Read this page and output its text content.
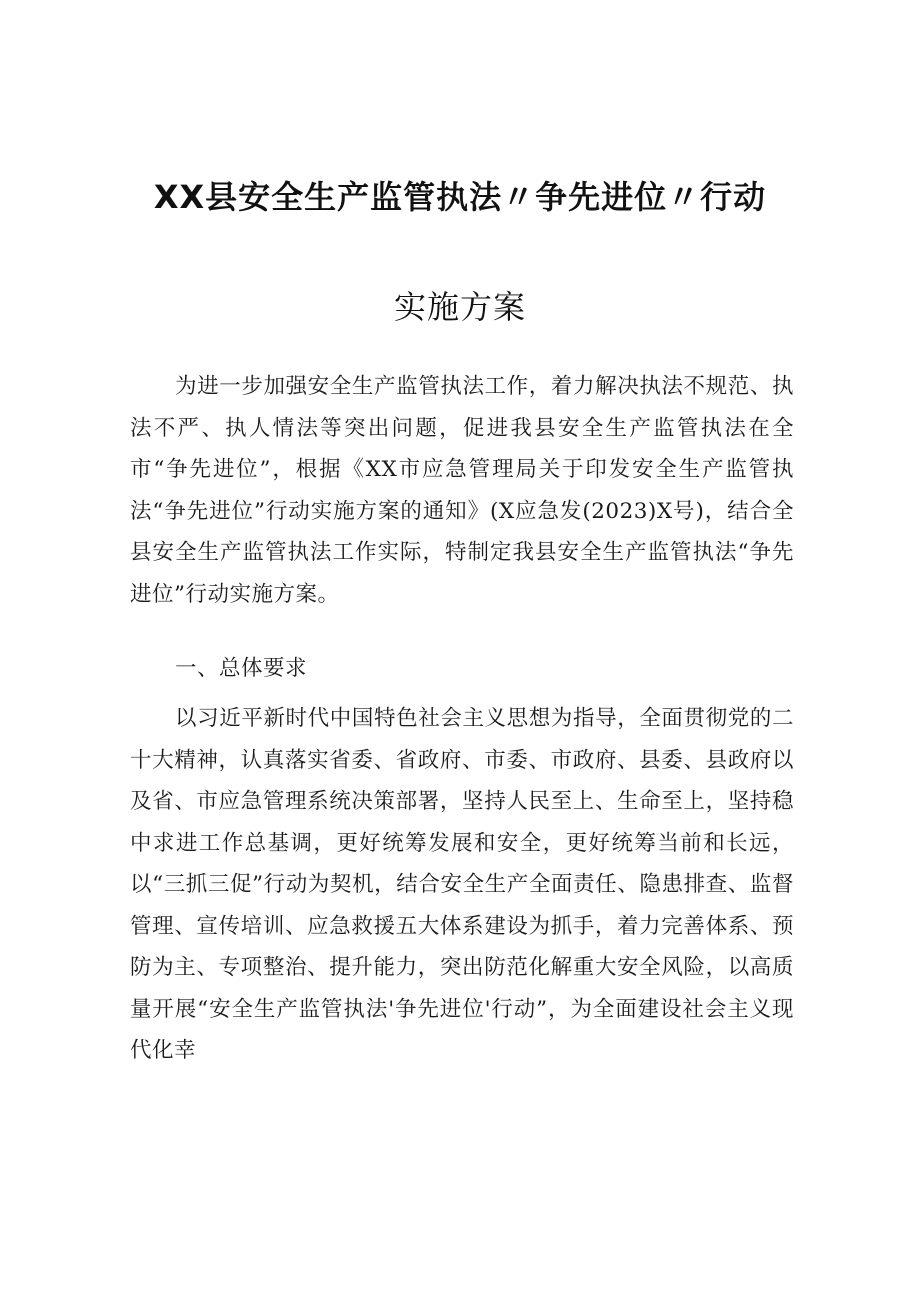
XX县安全生产监管执法〃争先进位〃行动
实施方案
为进一步加强安全生产监管执法工作，着力解决执法不规范、执法不严、执人情法等突出问题，促进我县安全生产监管执法在全市“争先进位”，根据《XX市应急管理局关于印发安全生产监管执法“争先进位”行动实施方案的通知》(X应急发(2023)X号)，结合全县安全生产监管执法工作实际，特制定我县安全生产监管执法“争先进位”行动实施方案。
一、总体要求
以习近平新时代中国特色社会主义思想为指导，全面贯彻党的二十大精神，认真落实省委、省政府、市委、市政府、县委、县政府以及省、市应急管理系统决策部署，坚持人民至上、生命至上，坚持稳中求进工作总基调，更好统筹发展和安全，更好统筹当前和长远，以“三抓三促”行动为契机，结合安全生产全面责任、隐患排查、监督管理、宣传培训、应急救援五大体系建设为抓手，着力完善体系、预防为主、专项整治、提升能力，突出防范化解重大安全风险，以高质量开展“安全生产监管执法'争先进位'行动”，为全面建设社会主义现代化幸
